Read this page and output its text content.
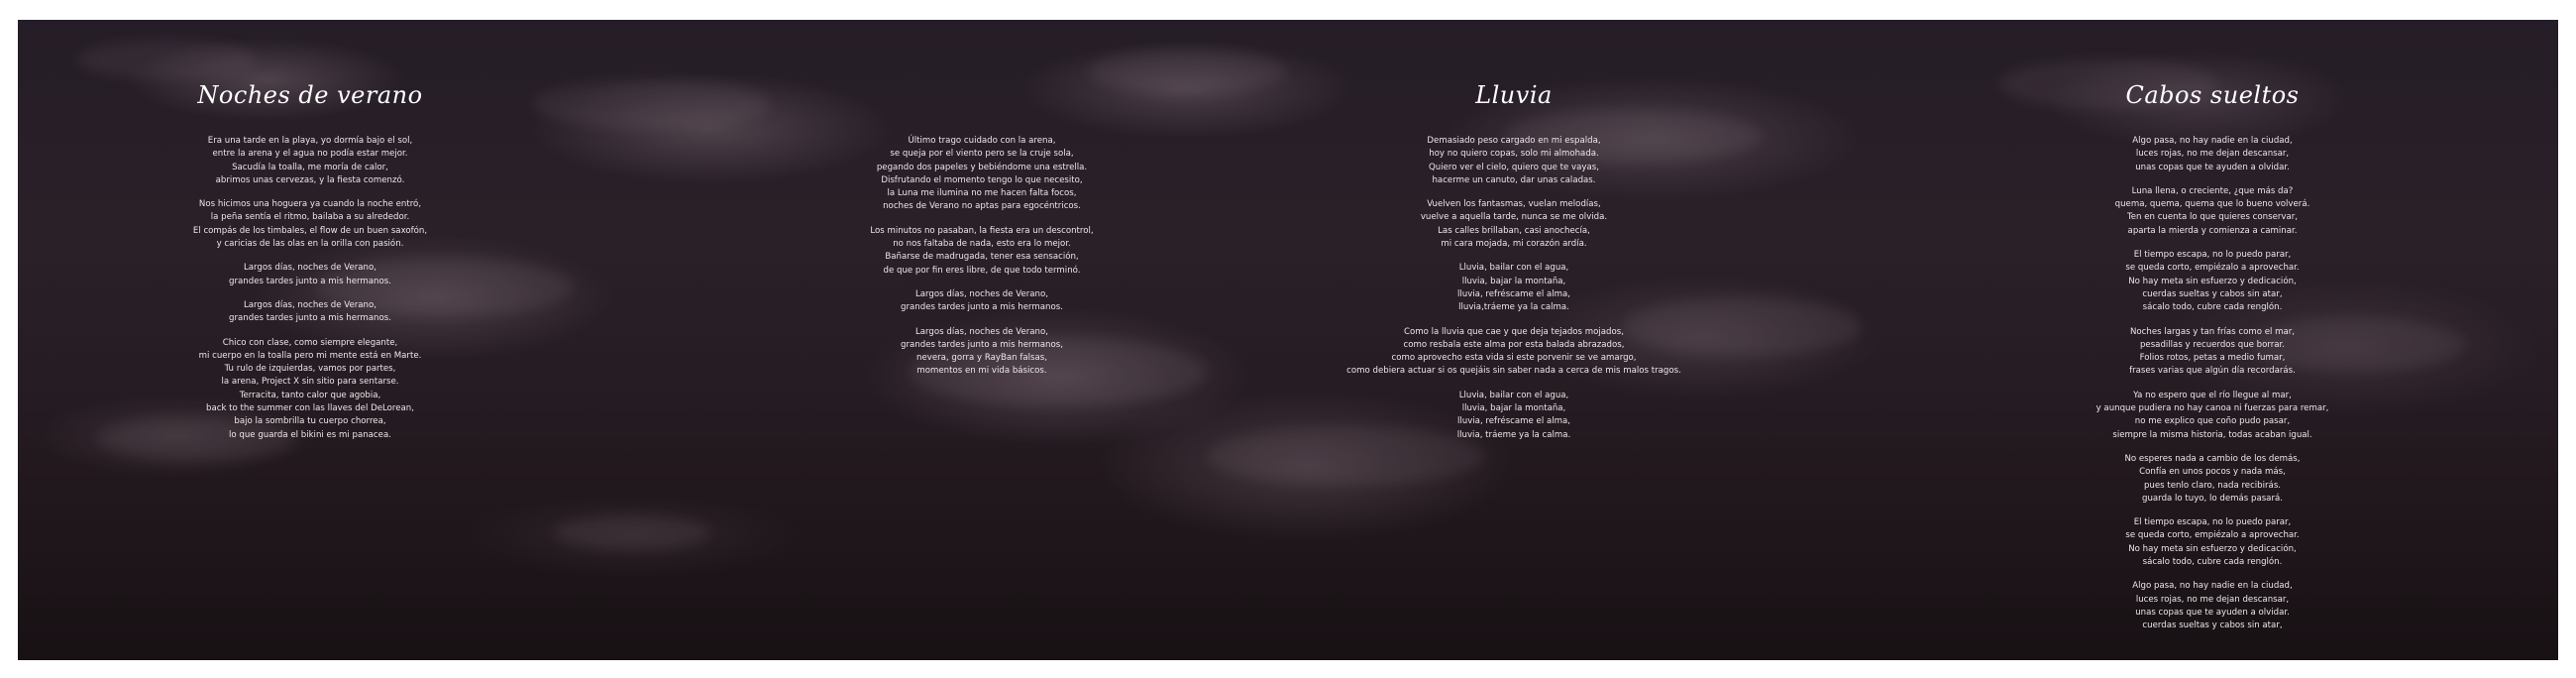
Noches de verano
Era una tarde en la playa, yo dormía bajo el sol,
entre la arena y el agua no podía estar mejor.
Sacudía la toalla, me moría de calor,
abrimos unas cervezas, y la fiesta comenzó.
Nos hicimos una hoguera ya cuando la noche entró,
la peña sentía el ritmo, bailaba a su alrededor.
El compás de los timbales, el flow de un buen saxofón,
y caricias de las olas en la orilla con pasión.
Largos días, noches de Verano,
grandes tardes junto a mis hermanos.
Largos días, noches de Verano,
grandes tardes junto a mis hermanos.
Chico con clase, como siempre elegante,
mi cuerpo en la toalla pero mi mente está en Marte.
Tu rulo de izquierdas, vamos por partes,
la arena, Project X sin sitio para sentarse.
Terracita, tanto calor que agobia,
back to the summer con las llaves del DeLorean,
bajo la sombrilla tu cuerpo chorrea,
lo que guarda el bikini es mi panacea.
Último trago cuidado con la arena,
se queja por el viento pero se la cruje sola,
pegando dos papeles y bebiéndome una estrella.
Disfrutando el momento tengo lo que necesito,
la Luna me ilumina no me hacen falta focos,
noches de Verano no aptas para egocéntricos.
Los minutos no pasaban, la fiesta era un descontrol,
no nos faltaba de nada, esto era lo mejor.
Bañarse de madrugada, tener esa sensación,
de que por fin eres libre, de que todo terminó.
Largos días, noches de Verano,
grandes tardes junto a mis hermanos.
Largos días, noches de Verano,
grandes tardes junto a mis hermanos,
nevera, gorra y RayBan falsas,
momentos en mi vida básicos.
Lluvia
Demasiado peso cargado en mi espalda,
hoy no quiero copas, solo mi almohada.
Quiero ver el cielo, quiero que te vayas,
hacerme un canuto, dar unas caladas.
Vuelven los fantasmas, vuelan melodías,
vuelve a aquella tarde, nunca se me olvida.
Las calles brillaban, casi anochecía,
mi cara mojada, mi corazón ardía.
Lluvia, bailar con el agua,
lluvia, bajar la montaña,
lluvia, refréscame el alma,
lluvia,tráeme ya la calma.
Como la lluvia que cae y que deja tejados mojados,
como resbala este alma por esta balada abrazados,
como aprovecho esta vida si este porvenir se ve amargo,
como debiera actuar si os quejáis sin saber nada a cerca de mis malos tragos.
Lluvia, bailar con el agua,
lluvia, bajar la montaña,
lluvia, refréscame el alma,
lluvia, tráeme ya la calma.
Cabos sueltos
Algo pasa, no hay nadie en la ciudad,
luces rojas, no me dejan descansar,
unas copas que te ayuden a olvidar.
Luna llena, o creciente, ¿que más da?
quema, quema, quema que lo bueno volverá.
Ten en cuenta lo que quieres conservar,
aparta la mierda y comienza a caminar.
El tiempo escapa, no lo puedo parar,
se queda corto, empiézalo a aprovechar.
No hay meta sin esfuerzo y dedicación,
cuerdas sueltas y cabos sin atar,
sácalo todo, cubre cada renglón.
Noches largas y tan frías como el mar,
pesadillas y recuerdos que borrar.
Folios rotos, petas a medio fumar,
frases varias que algún día recordarás.
Ya no espero que el río llegue al mar,
y aunque pudiera no hay canoa ni fuerzas para remar,
no me explico que coño pudo pasar,
siempre la misma historia, todas acaban igual.
No esperes nada a cambio de los demás,
Confía en unos pocos y nada más,
pues tenlo claro, nada recibirás.
guarda lo tuyo, lo demás pasará.
El tiempo escapa, no lo puedo parar,
se queda corto, empiézalo a aprovechar.
No hay meta sin esfuerzo y dedicación,
sácalo todo, cubre cada renglón.
Algo pasa, no hay nadie en la ciudad,
luces rojas, no me dejan descansar,
unas copas que te ayuden a olvidar.
cuerdas sueltas y cabos sin atar,
